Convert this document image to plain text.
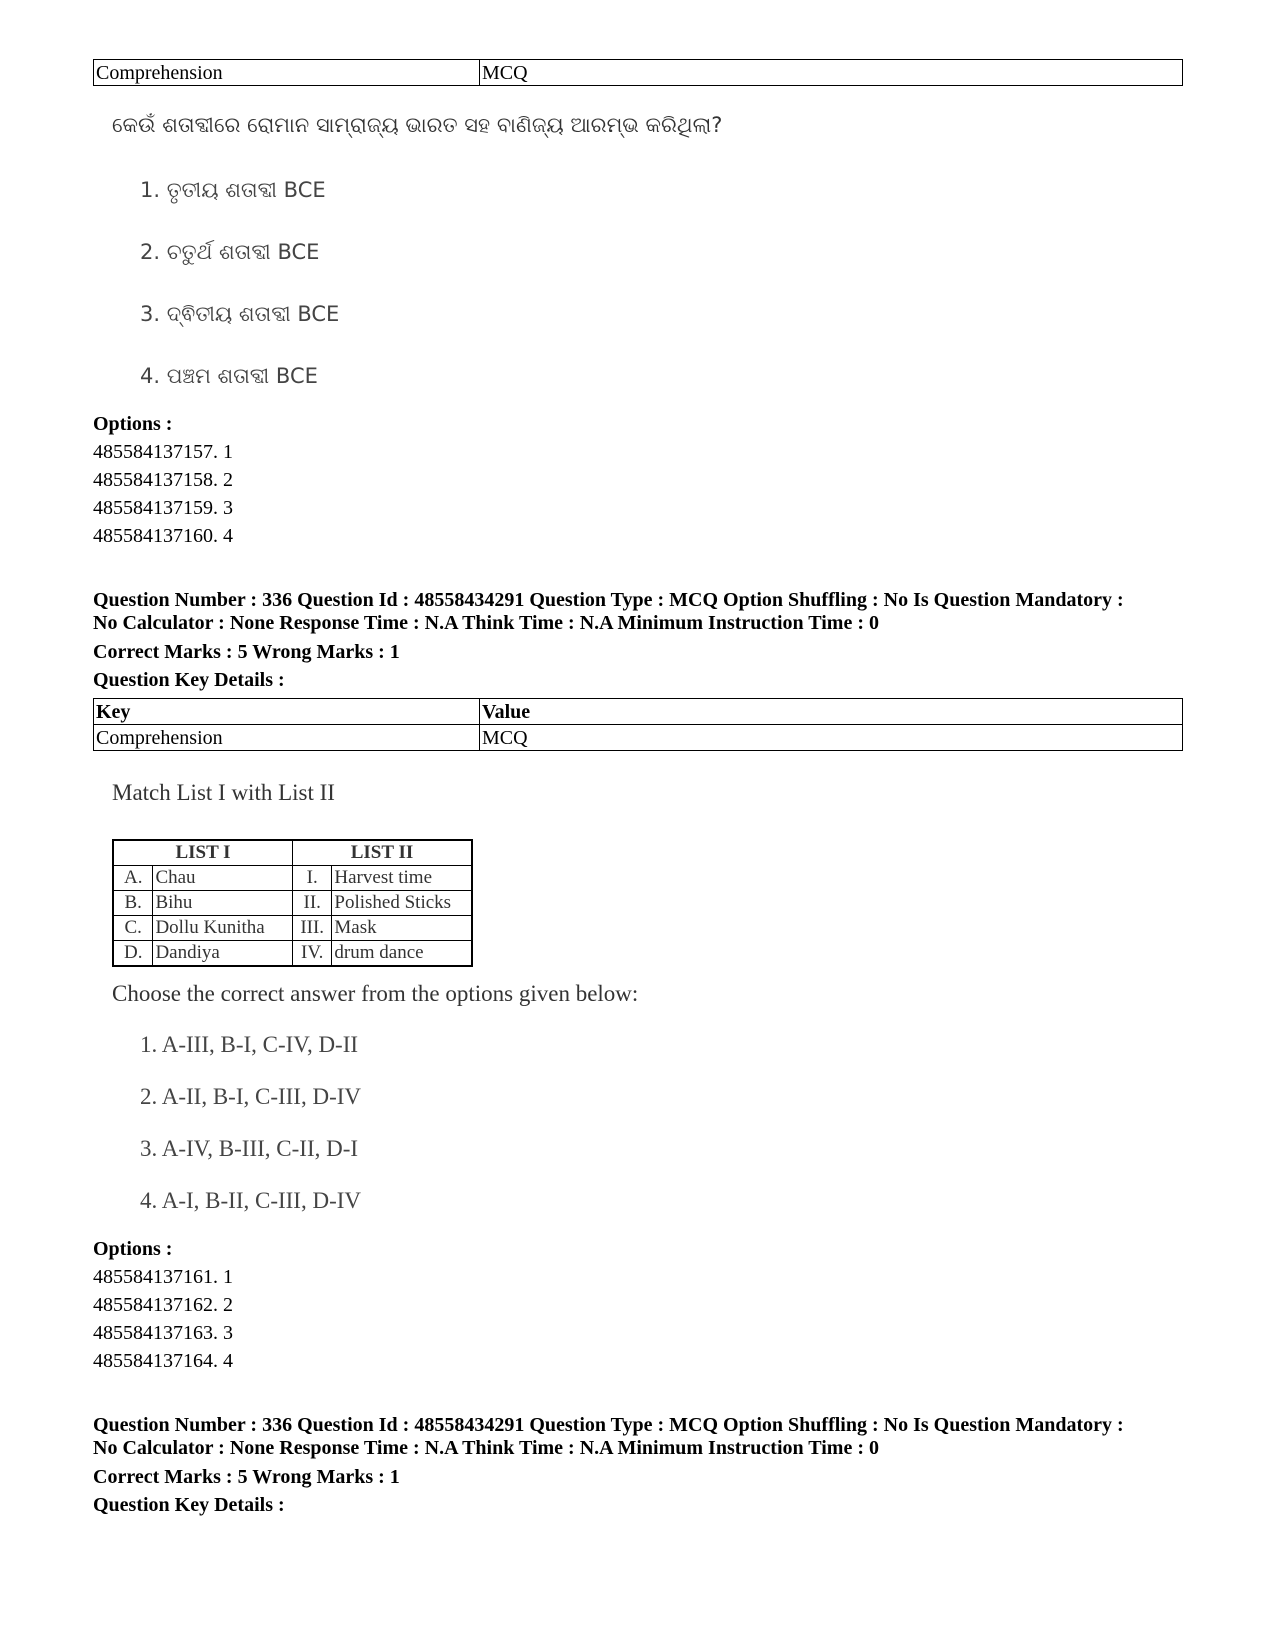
Comprehension	MCQ
କେଉଁ ଶତାବ୍ଦୀରେ ରୋମାନ ସାମ୍ରାଜ୍ୟ ଭାରତ ସହ ବାଣିଜ୍ୟ ଆରମ୍ଭ କରିଥିଲା?
1. ତୃତୀୟ ଶତାବ୍ଦୀ BCE
2. ଚତୁର୍ଥ ଶତାବ୍ଦୀ BCE
3. ଦ୍ଵିତୀୟ ଶତାବ୍ଦୀ BCE
4. ପଞ୍ଚମ ଶତାବ୍ଦୀ BCE
Options :
485584137157. 1
485584137158. 2
485584137159. 3
485584137160. 4
Question Number : 336 Question Id : 48558434291 Question Type : MCQ Option Shuffling : No Is Question Mandatory :
No Calculator : None Response Time : N.A Think Time : N.A Minimum Instruction Time : 0
Correct Marks : 5 Wrong Marks : 1
Question Key Details :
Key	Value
Comprehension	MCQ
Match List I with List II
LIST I		LIST II	
A.	Chau	I.	Harvest time
B.	Bihu	II.	Polished Sticks
C.	Dollu Kunitha	III.	Mask
D.	Dandiya	IV.	drum dance
Choose the correct answer from the options given below:
1. A-III, B-I, C-IV, D-II
2. A-II, B-I, C-III, D-IV
3. A-IV, B-III, C-II, D-I
4. A-I, B-II, C-III, D-IV
Options :
485584137161. 1
485584137162. 2
485584137163. 3
485584137164. 4
Question Number : 336 Question Id : 48558434291 Question Type : MCQ Option Shuffling : No Is Question Mandatory :
No Calculator : None Response Time : N.A Think Time : N.A Minimum Instruction Time : 0
Correct Marks : 5 Wrong Marks : 1
Question Key Details :
